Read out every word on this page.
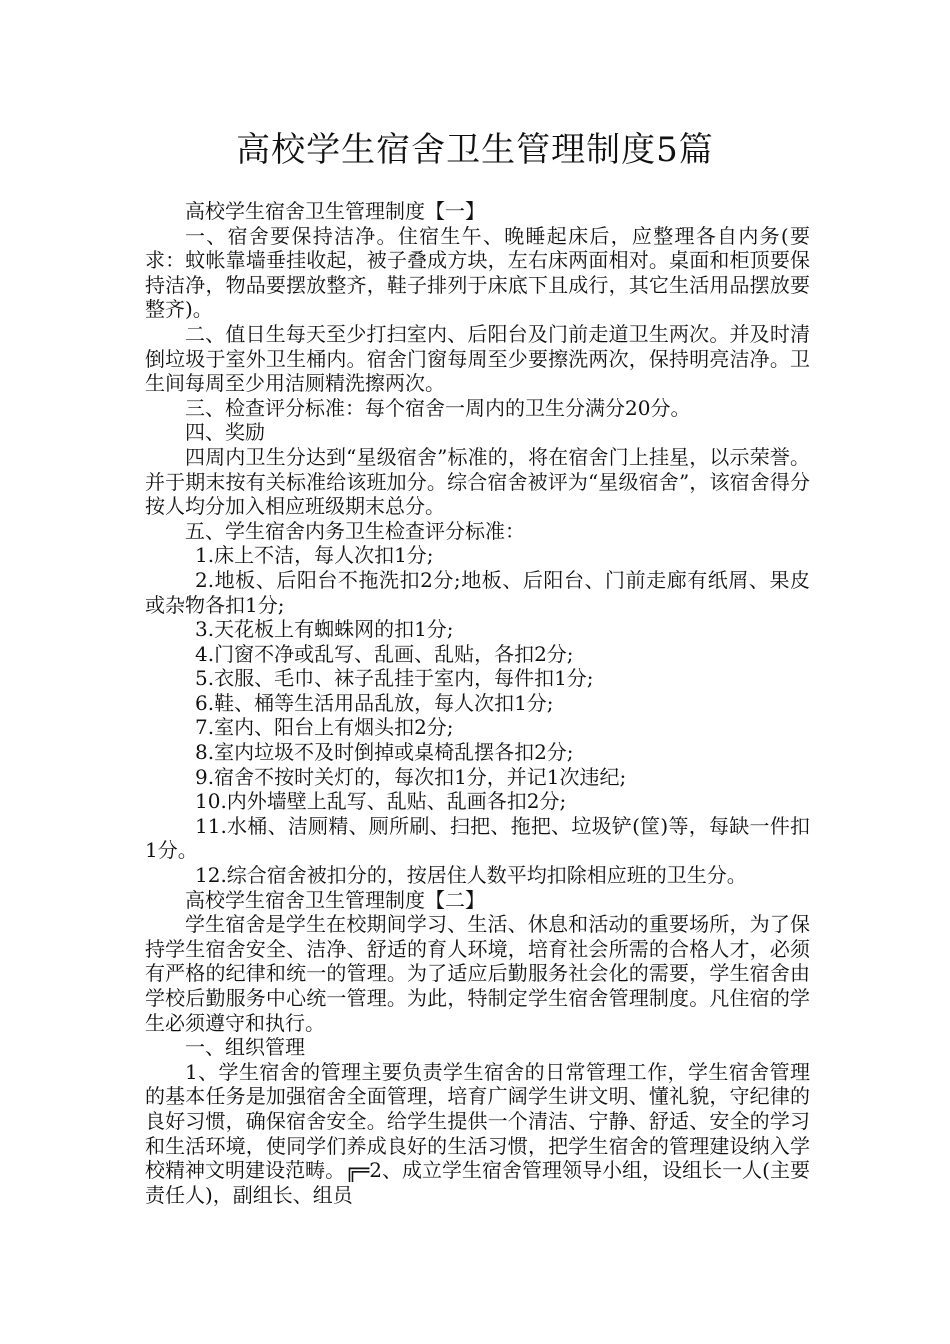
高校学生宿舍卫生管理制度5篇

高校学生宿舍卫生管理制度【一】

一、宿舍要保持洁净。住宿生午、晚睡起床后，应整理各自内务(要求：蚊帐靠墙垂挂收起，被子叠成方块，左右床两面相对。桌面和柜顶要保持洁净，物品要摆放整齐，鞋子排列于床底下且成行，其它生活用品摆放要整齐)。

二、值日生每天至少打扫室内、后阳台及门前走道卫生两次。并及时清倒垃圾于室外卫生桶内。宿舍门窗每周至少要擦洗两次，保持明亮洁净。卫生间每周至少用洁厕精洗擦两次。

三、检查评分标准：每个宿舍一周内的卫生分满分20分。

四、奖励

四周内卫生分达到“星级宿舍”标准的，将在宿舍门上挂星，以示荣誉。并于期末按有关标准给该班加分。综合宿舍被评为“星级宿舍”，该宿舍得分按人均分加入相应班级期末总分。

五、学生宿舍内务卫生检查评分标准：

1.床上不洁，每人次扣1分;

2.地板、后阳台不拖洗扣2分;地板、后阳台、门前走廊有纸屑、果皮或杂物各扣1分;

3.天花板上有蜘蛛网的扣1分;

4.门窗不净或乱写、乱画、乱贴，各扣2分;

5.衣服、毛巾、袜子乱挂于室内，每件扣1分;

6.鞋、桶等生活用品乱放，每人次扣1分;

7.室内、阳台上有烟头扣2分;

8.室内垃圾不及时倒掉或桌椅乱摆各扣2分;

9.宿舍不按时关灯的，每次扣1分，并记1次违纪;

10.内外墙壁上乱写、乱贴、乱画各扣2分;

11.水桶、洁厕精、厕所刷、扫把、拖把、垃圾铲(筐)等，每缺一件扣1分。

12.综合宿舍被扣分的，按居住人数平均扣除相应班的卫生分。

高校学生宿舍卫生管理制度【二】

学生宿舍是学生在校期间学习、生活、休息和活动的重要场所，为了保持学生宿舍安全、洁净、舒适的育人环境，培育社会所需的合格人才，必须有严格的纪律和统一的管理。为了适应后勤服务社会化的需要，学生宿舍由学校后勤服务中心统一管理。为此，特制定学生宿舍管理制度。凡住宿的学生必须遵守和执行。

一、组织管理

1、学生宿舍的管理主要负责学生宿舍的日常管理工作，学生宿舍管理的基本任务是加强宿舍全面管理，培育广阔学生讲文明、懂礼貌，守纪律的良好习惯，确保宿舍安全。给学生提供一个清洁、宁静、舒适、安全的学习和生活环境，使同学们养成良好的生活习惯，把学生宿舍的管理建设纳入学校精神文明建设范畴。╔═2、成立学生宿舍管理领导小组，设组长一人(主要责任人)，副组长、组员
